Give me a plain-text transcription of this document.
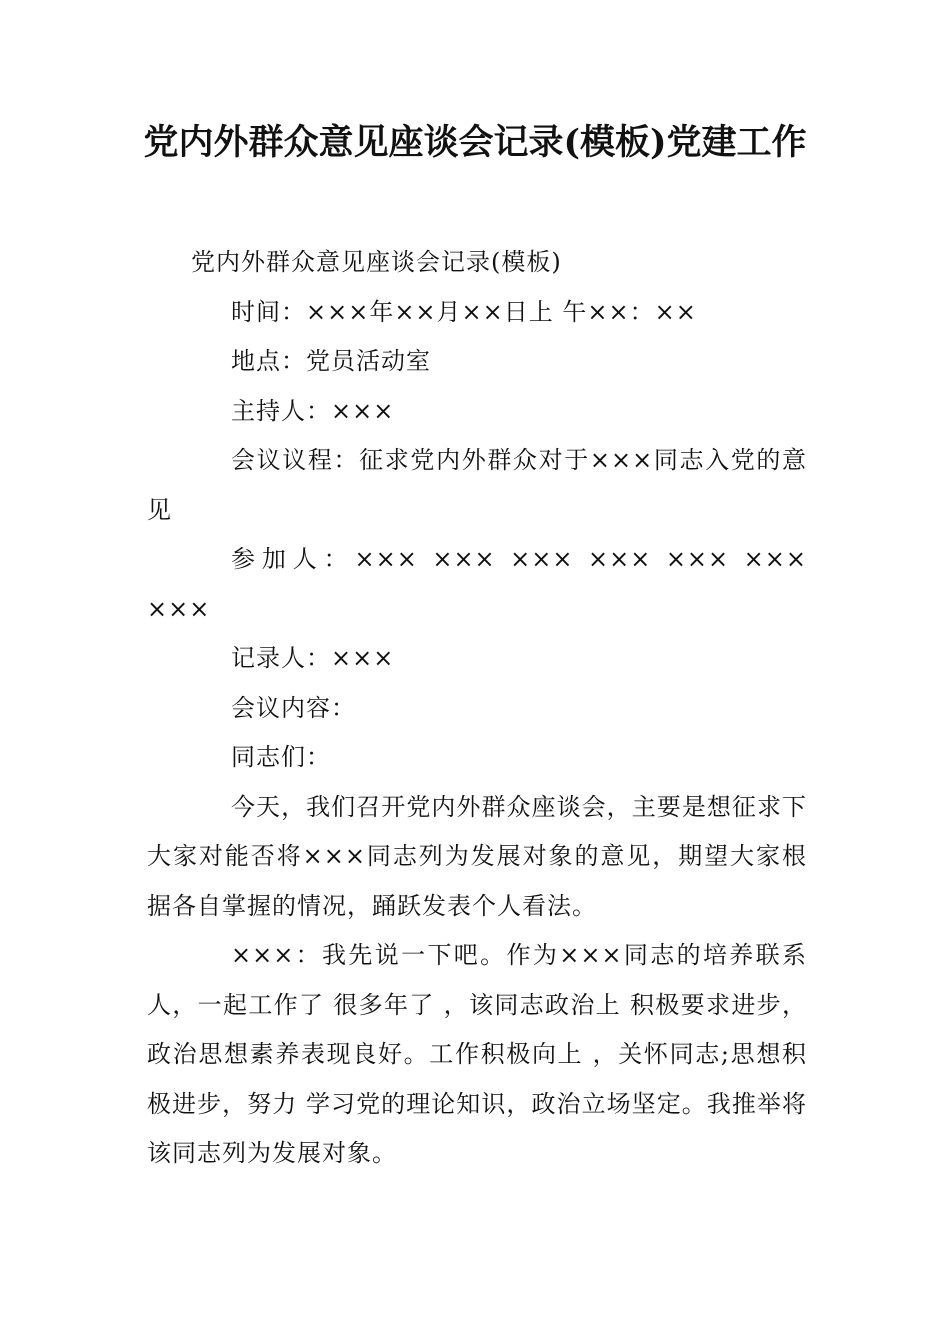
党内外群众意见座谈会记录(模板)党建工作

党内外群众意见座谈会记录(模板)

时间：×××年××月××日上 午××：××

地点：党员活动室

主持人：×××

会议议程：征求党内外群众对于×××同志入党的意见

参加人：××× ××× ××× ××× ××× ××× ×××

记录人：×××

会议内容：

同志们：

今天，我们召开党内外群众座谈会，主要是想征求下大家对能否将×××同志列为发展对象的意见，期望大家根据各自掌握的情况，踊跃发表个人看法。

×××：我先说一下吧。作为×××同志的培养联系人，一起工作了 很多年了 ，该同志政治上 积极要求进步，政治思想素养表现良好。工作积极向上 ，关怀同志;思想积极进步，努力 学习党的理论知识，政治立场坚定。我推举将该同志列为发展对象。
